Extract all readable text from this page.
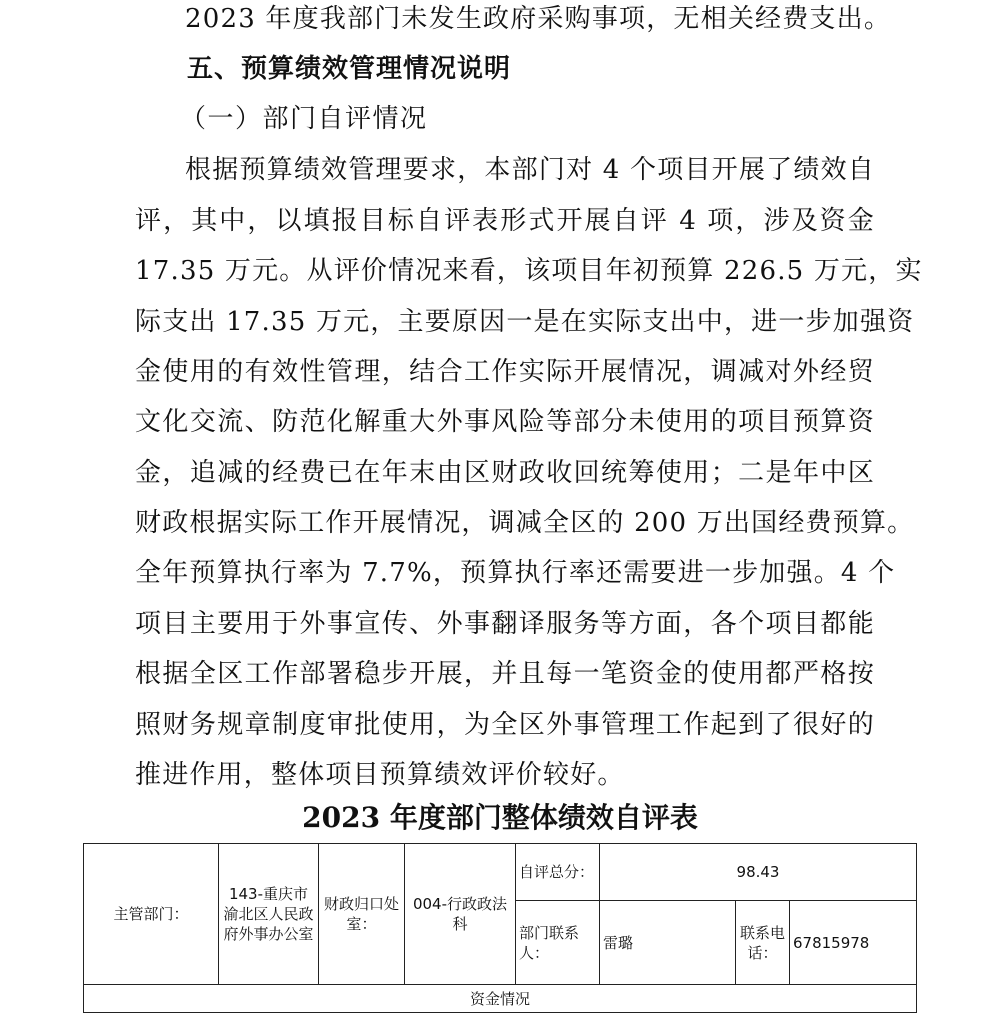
2023 年度我部门未发生政府采购事项，无相关经费支出。
五、预算绩效管理情况说明
（一）部门自评情况
根据预算绩效管理要求，本部门对 4 个项目开展了绩效自
评，其中，以填报目标自评表形式开展自评 4 项，涉及资金
17.35 万元。从评价情况来看，该项目年初预算 226.5 万元，实
际支出 17.35 万元，主要原因一是在实际支出中，进一步加强资
金使用的有效性管理，结合工作实际开展情况，调减对外经贸
文化交流、防范化解重大外事风险等部分未使用的项目预算资
金，追减的经费已在年末由区财政收回统筹使用；二是年中区
财政根据实际工作开展情况，调减全区的 200 万出国经费预算。
全年预算执行率为 7.7%，预算执行率还需要进一步加强。4 个
项目主要用于外事宣传、外事翻译服务等方面，各个项目都能
根据全区工作部署稳步开展，并且每一笔资金的使用都严格按
照财务规章制度审批使用，为全区外事管理工作起到了很好的
推进作用，整体项目预算绩效评价较好。
2023 年度部门整体绩效自评表
主管部门：	143-重庆市渝北区人民政府外事办公室	财政归口处室：	004-行政政法科	自评总分：	98.43		
				部门联系人：	雷璐	联系电话：	67815978
资金情况							
